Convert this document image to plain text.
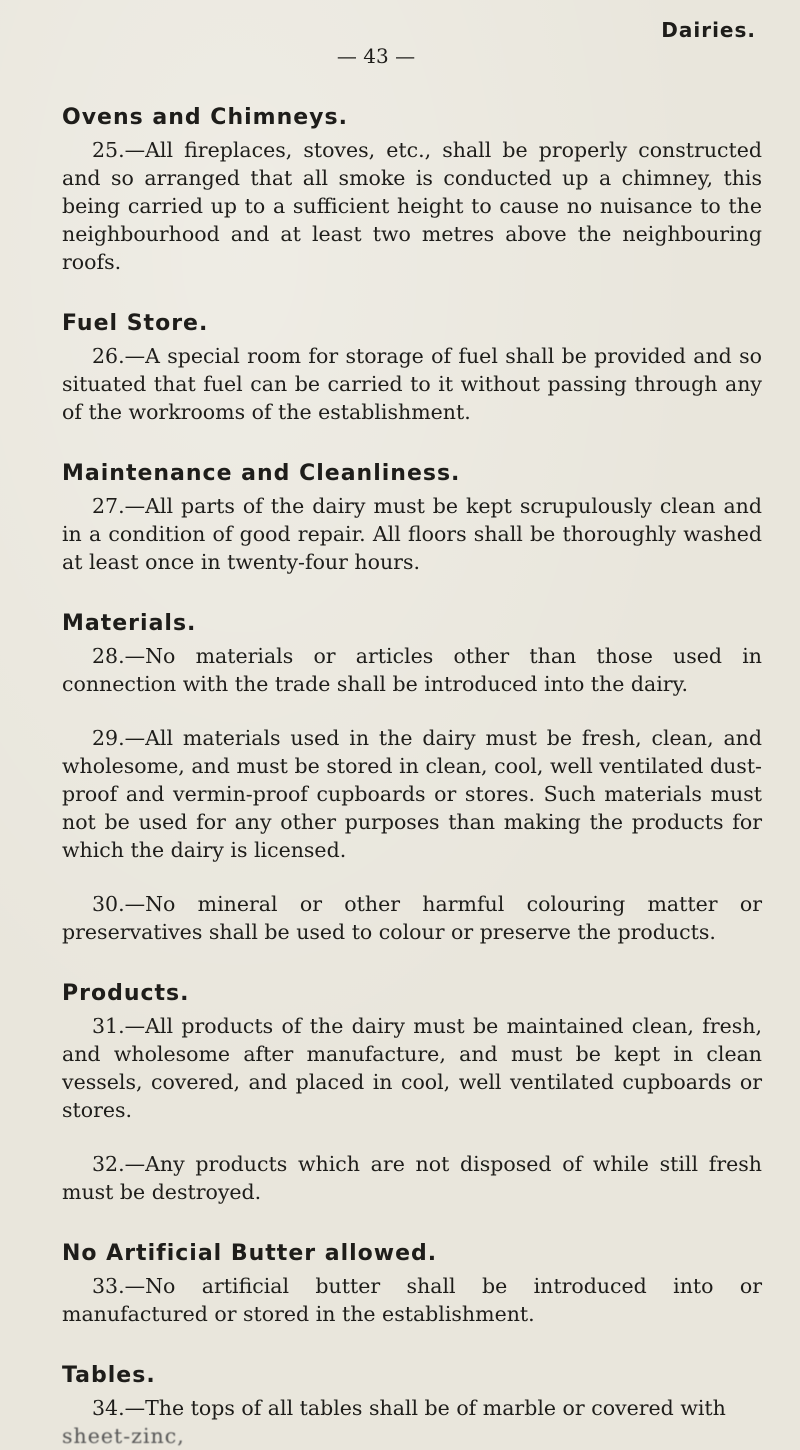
Dairies.
— 43 —
Ovens and Chimneys.

25.—All fireplaces, stoves, etc., shall be properly constructed and so arranged that all smoke is conducted up a chimney, this being carried up to a sufficient height to cause no nuisance to the neighbourhood and at least two metres above the neighbouring roofs.

Fuel Store.

26.—A special room for storage of fuel shall be provided and so situated that fuel can be carried to it without passing through any of the workrooms of the establishment.

Maintenance and Cleanliness.

27.—All parts of the dairy must be kept scrupulously clean and in a condition of good repair. All floors shall be thoroughly washed at least once in twenty-four hours.

Materials.

28.—No materials or articles other than those used in connection with the trade shall be introduced into the dairy.

29.—All materials used in the dairy must be fresh, clean, and wholesome, and must be stored in clean, cool, well ventilated dust-proof and vermin-proof cupboards or stores. Such materials must not be used for any other purposes than making the products for which the dairy is licensed.

30.—No mineral or other harmful colouring matter or preservatives shall be used to colour or preserve the products.

Products.

31.—All products of the dairy must be maintained clean, fresh, and wholesome after manufacture, and must be kept in clean vessels, covered, and placed in cool, well ventilated cupboards or stores.

32.—Any products which are not disposed of while still fresh must be destroyed.

No Artificial Butter allowed.

33.—No artificial butter shall be introduced into or manufactured or stored in the establishment.

Tables.

34.—The tops of all tables shall be of marble or covered with

sheet-zinc,
